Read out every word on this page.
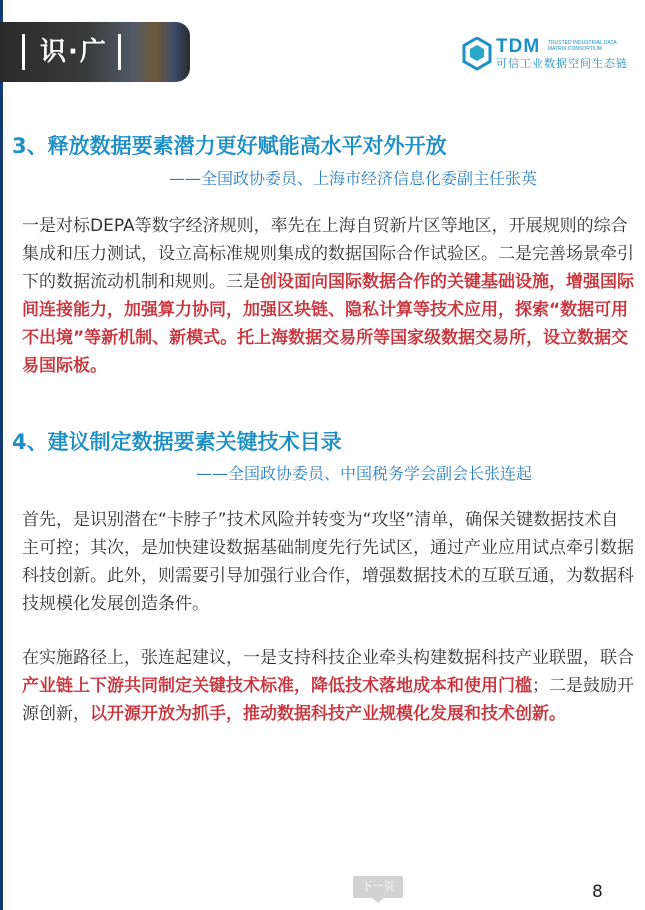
识·广	TDM TRUSTED INDUSTRIAL DATA MATRIX CONSORTIUM
可信工业数据空间生态链
3、释放数据要素潜力更好赋能高水平对外开放
——全国政协委员、上海市经济信息化委副主任张英
一是对标DEPA等数字经济规则，率先在上海自贸新片区等地区，开展规则的综合集成和压力测试，设立高标准规则集成的数据国际合作试验区。二是完善场景牵引下的数据流动机制和规则。三是创设面向国际数据合作的关键基础设施，增强国际间连接能力，加强算力协同，加强区块链、隐私计算等技术应用，探索“数据可用不出境”等新机制、新模式。托上海数据交易所等国家级数据交易所，设立数据交易国际板。
4、建议制定数据要素关键技术目录
——全国政协委员、中国税务学会副会长张连起
首先，是识别潜在“卡脖子”技术风险并转变为“攻坚”清单，确保关键数据技术自主可控；其次，是加快建设数据基础制度先行先试区，通过产业应用试点牵引数据科技创新。此外，则需要引导加强行业合作，增强数据技术的互联互通，为数据科技规模化发展创造条件。
在实施路径上，张连起建议，一是支持科技企业牵头构建数据科技产业联盟，联合产业链上下游共同制定关键技术标准，降低技术落地成本和使用门槛；二是鼓励开源创新，以开源开放为抓手，推动数据科技产业规模化发展和技术创新。
下一页	8
